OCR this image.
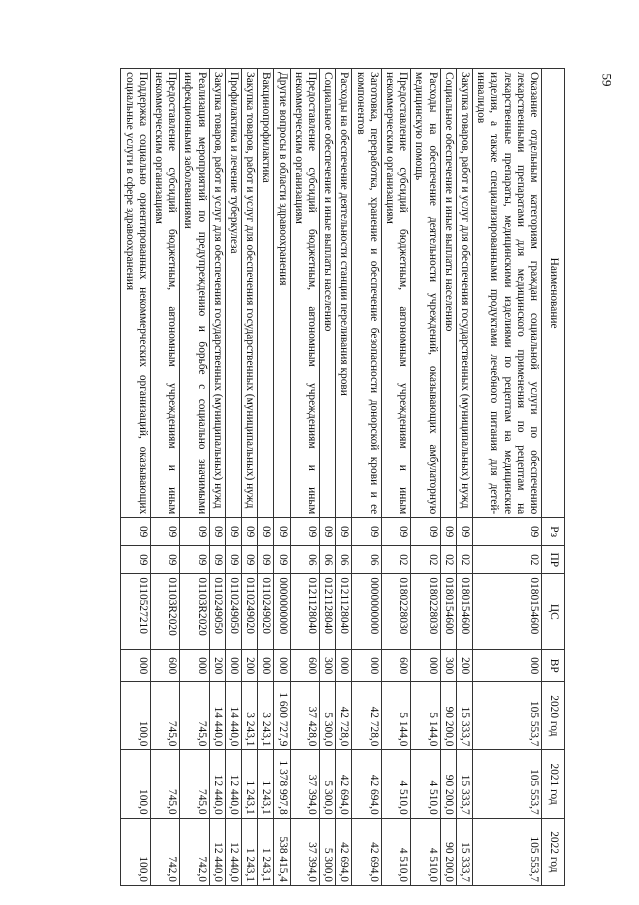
59
Наименование	Рз	ПР	ЦС	ВР	2020 год	2021 год	2022 год
Оказание отдельным категориям граждан социальной услуги по обеспечению лекарственными препаратами для медицинского применения по рецептам на лекарственные препараты, медицинскими изделиями по рецептам на медицинские изделия, а также специализированными продуктами лечебного питания для детей-инвалидов	09	02	0180154600	000	105 553,7	105 553,7	105 553,7
Закупка товаров, работ и услуг для обеспечения государственных (муниципальных) нужд	09	02	0180154600	200	15 333,7	15 333,7	15 333,7
Социальное обеспечение и иные выплаты населению	09	02	0180154600	300	90 200,0	90 200,0	90 200,0
Расходы на обеспечение деятельности учреждений, оказывающих амбулаторную медицинскую помощь	09	02	0180228030	000	5 144,0	4 510,0	4 510,0
Предоставление субсидий бюджетным, автономным учреждениям и иным некоммерческим организациям	09	02	0180228030	600	5 144,0	4 510,0	4 510,0
Заготовка, переработка, хранение и обеспечение безопасности донорской крови и ее компонентов	09	06	0000000000	000	42 728,0	42 694,0	42 694,0
Расходы на обеспечение деятельности станции переливания крови	09	06	0121128040	000	42 728,0	42 694,0	42 694,0
Социальное обеспечение и иные выплаты населению	09	06	0121128040	300	5 300,0	5 300,0	5 300,0
Предоставление субсидий бюджетным, автономным учреждениям и иным некоммерческим организациям	09	06	0121128040	600	37 428,0	37 394,0	37 394,0
Другие вопросы в области здравоохранения	09	09	0000000000	000	1 600 727,9	1 378 997,8	538 415,4
Вакцинопрофилактика	09	09	0110249020	000	3 243,1	1 243,1	1 243,1
Закупка товаров, работ и услуг для обеспечения государственных (муниципальных) нужд	09	09	0110249020	200	3 243,1	1 243,1	1 243,1
Профилактика и лечение туберкулеза	09	09	0110249050	000	14 440,0	12 440,0	12 440,0
Закупка товаров, работ и услуг для обеспечения государственных (муниципальных) нужд	09	09	0110249050	200	14 440,0	12 440,0	12 440,0
Реализация мероприятий по предупреждению и борьбе с социально значимыми инфекционными заболеваниями	09	09	01103R2020	000	745,0	745,0	742,0
Предоставление субсидий бюджетным, автономным учреждениям и иным некоммерческим организациям	09	09	01103R2020	600	745,0	745,0	742,0
Поддержка социально ориентированных некоммерческих организаций, оказывающих социальные услуги в сфере здравоохранения	09	09	0110527210	000	100,0	100,0	100,0
